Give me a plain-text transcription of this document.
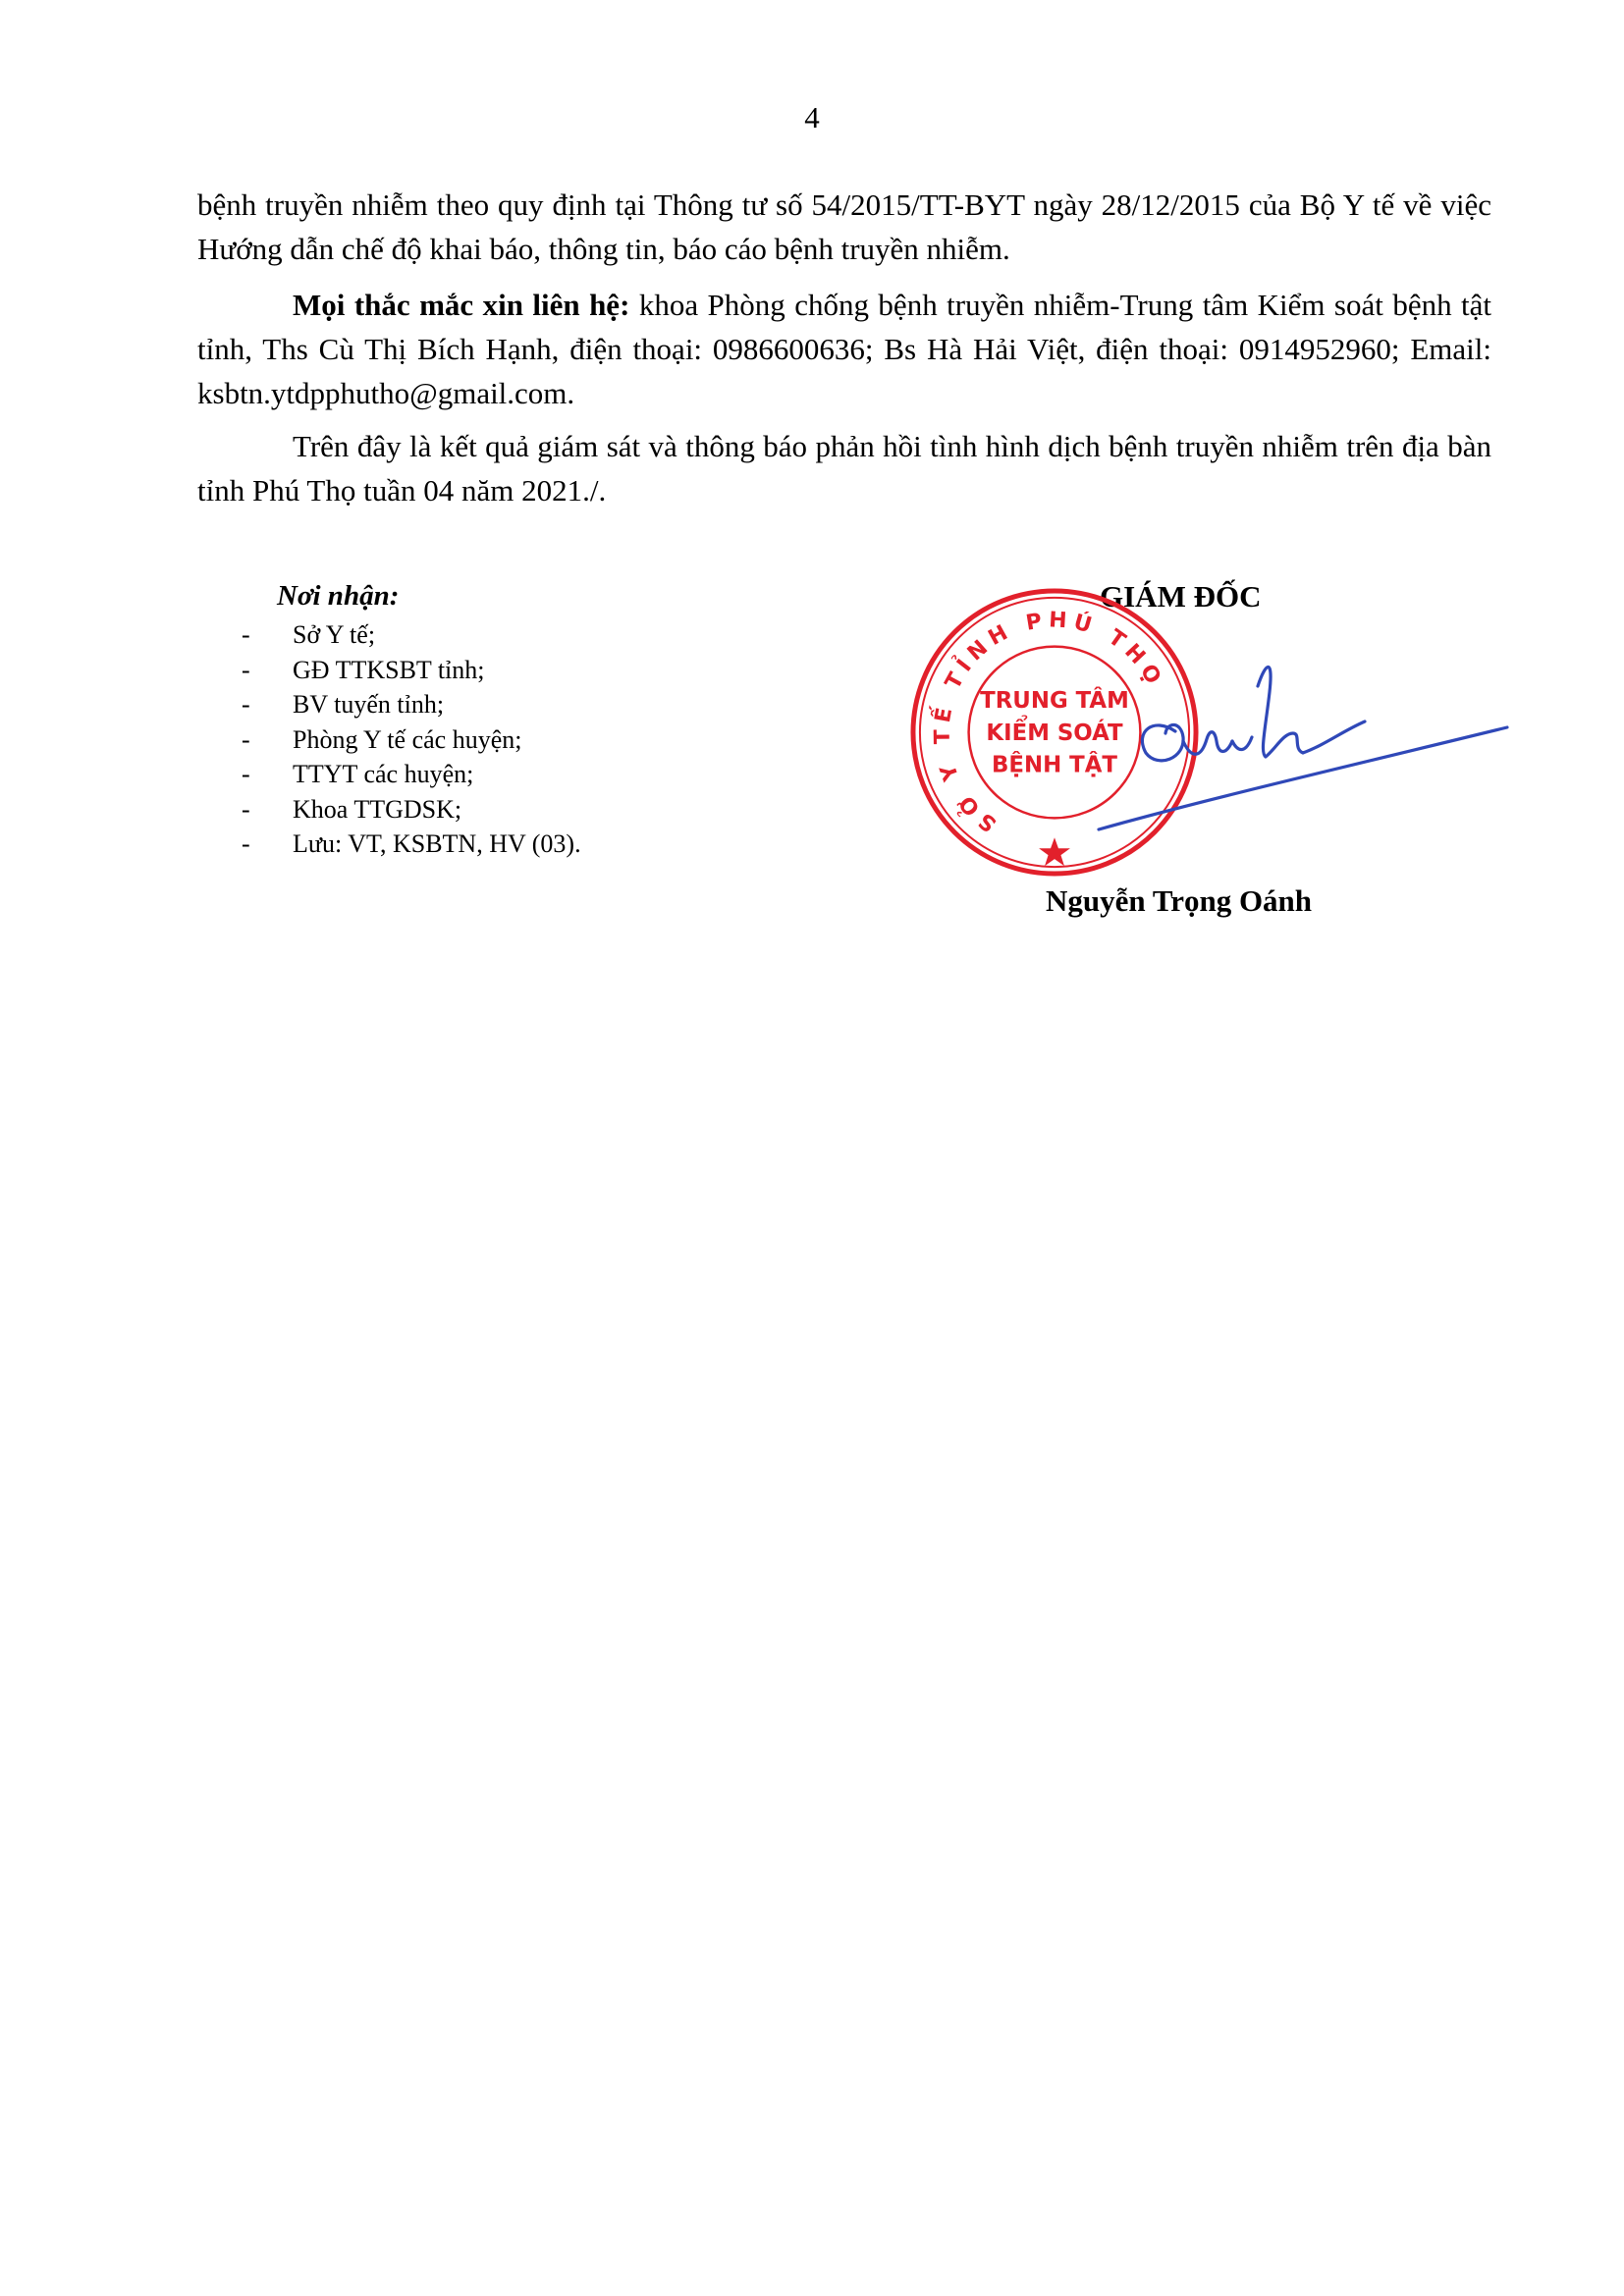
4

bệnh truyền nhiễm theo quy định tại Thông tư số 54/2015/TT-BYT ngày 28/12/2015 của Bộ Y tế về việc Hướng dẫn chế độ khai báo, thông tin, báo cáo bệnh truyền nhiễm.

Mọi thắc mắc xin liên hệ: khoa Phòng chống bệnh truyền nhiễm-Trung tâm Kiểm soát bệnh tật tỉnh, Ths Cù Thị Bích Hạnh, điện thoại: 0986600636; Bs Hà Hải Việt, điện thoại: 0914952960; Email: ksbtn.ytdpphutho@gmail.com.

Trên đây là kết quả giám sát và thông báo phản hồi tình hình dịch bệnh truyền nhiễm trên địa bàn tỉnh Phú Thọ tuần 04 năm 2021./.

Nơi nhận:
- Sở Y tế;
- GĐ TTKSBT tỉnh;
- BV tuyến tỉnh;
- Phòng Y tế các huyện;
- TTYT các huyện;
- Khoa TTGDSK;
- Lưu: VT, KSBTN, HV (03).
GIÁM ĐỐC
SỞ Y TẾ TỈNH PHÚ THỌ
TRUNG TÂM
KIỂM SOÁT
BỆNH TẬT
Nguyễn Trọng Oánh
